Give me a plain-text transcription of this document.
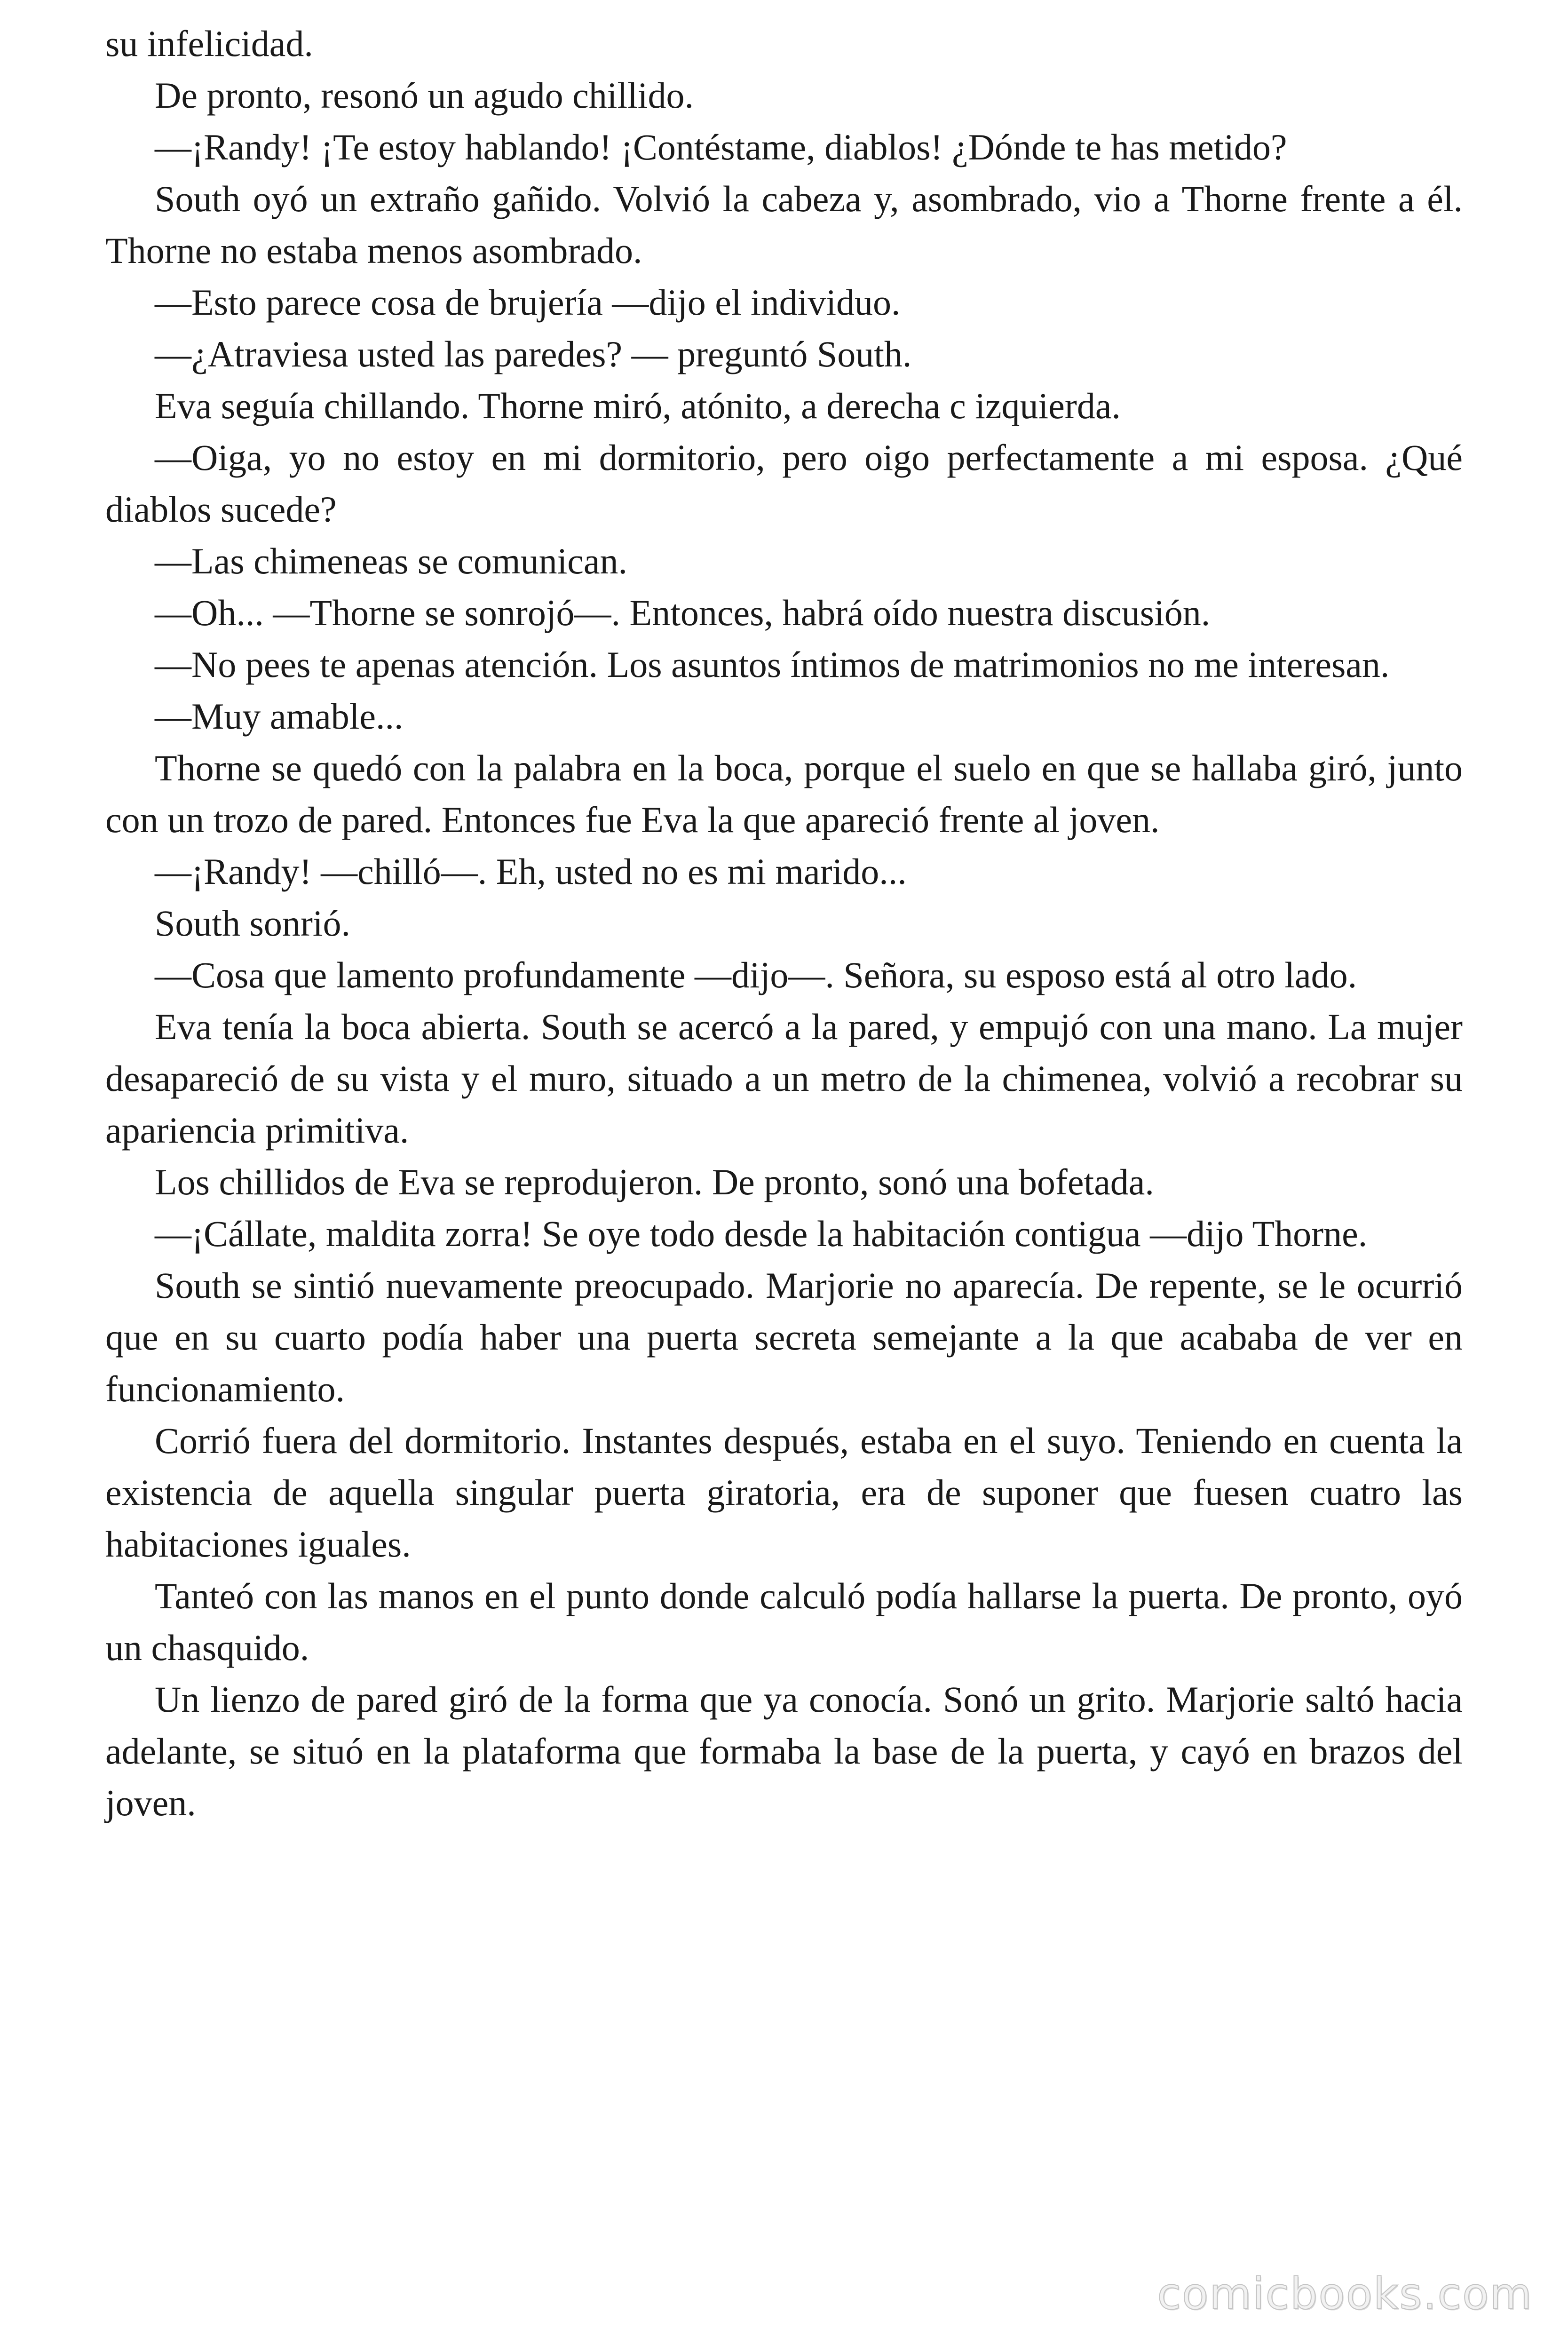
su infelicidad.

De pronto, resonó un agudo chillido.

—¡Randy! ¡Te estoy hablando! ¡Contéstame, diablos! ¿Dónde te has metido?

South oyó un extraño gañido. Volvió la cabeza y, asombrado, vio a Thorne frente a él. Thorne no estaba menos asombrado.

—Esto parece cosa de brujería —dijo el individuo.

—¿Atraviesa usted las paredes? — preguntó South.

Eva seguía chillando. Thorne miró, atónito, a derecha c izquierda.

—Oiga, yo no estoy en mi dormitorio, pero oigo perfectamente a mi esposa. ¿Qué diablos sucede?

—Las chimeneas se comunican.

—Oh... —Thorne se sonrojó—. Entonces, habrá oído nuestra discusión.

—No pees te apenas atención. Los asuntos íntimos de matrimonios no me interesan.

—Muy amable...

Thorne se quedó con la palabra en la boca, porque el suelo en que se hallaba giró, junto con un trozo de pared. Entonces fue Eva la que apareció frente al joven.

—¡Randy! —chilló—. Eh, usted no es mi marido...

South sonrió.

—Cosa que lamento profundamente —dijo—. Señora, su esposo está al otro lado.

Eva tenía la boca abierta. South se acercó a la pared, y empujó con una mano. La mujer desapareció de su vista y el muro, situado a un metro de la chimenea, volvió a recobrar su apariencia primitiva.

Los chillidos de Eva se reprodujeron. De pronto, sonó una bofetada.

—¡Cállate, maldita zorra! Se oye todo desde la habitación contigua —dijo Thorne.

South se sintió nuevamente preocupado. Marjorie no aparecía. De repente, se le ocurrió que en su cuarto podía haber una puerta secreta semejante a la que acababa de ver en funcionamiento.

Corrió fuera del dormitorio. Instantes después, estaba en el suyo. Teniendo en cuenta la existencia de aquella singular puerta giratoria, era de suponer que fuesen cuatro las habitaciones iguales.

Tanteó con las manos en el punto donde calculó podía hallarse la puerta. De pronto, oyó un chasquido.

Un lienzo de pared giró de la forma que ya conocía. Sonó un grito. Marjorie saltó hacia adelante, se situó en la plataforma que formaba la base de la puerta, y cayó en brazos del joven.

comicbooks.com
